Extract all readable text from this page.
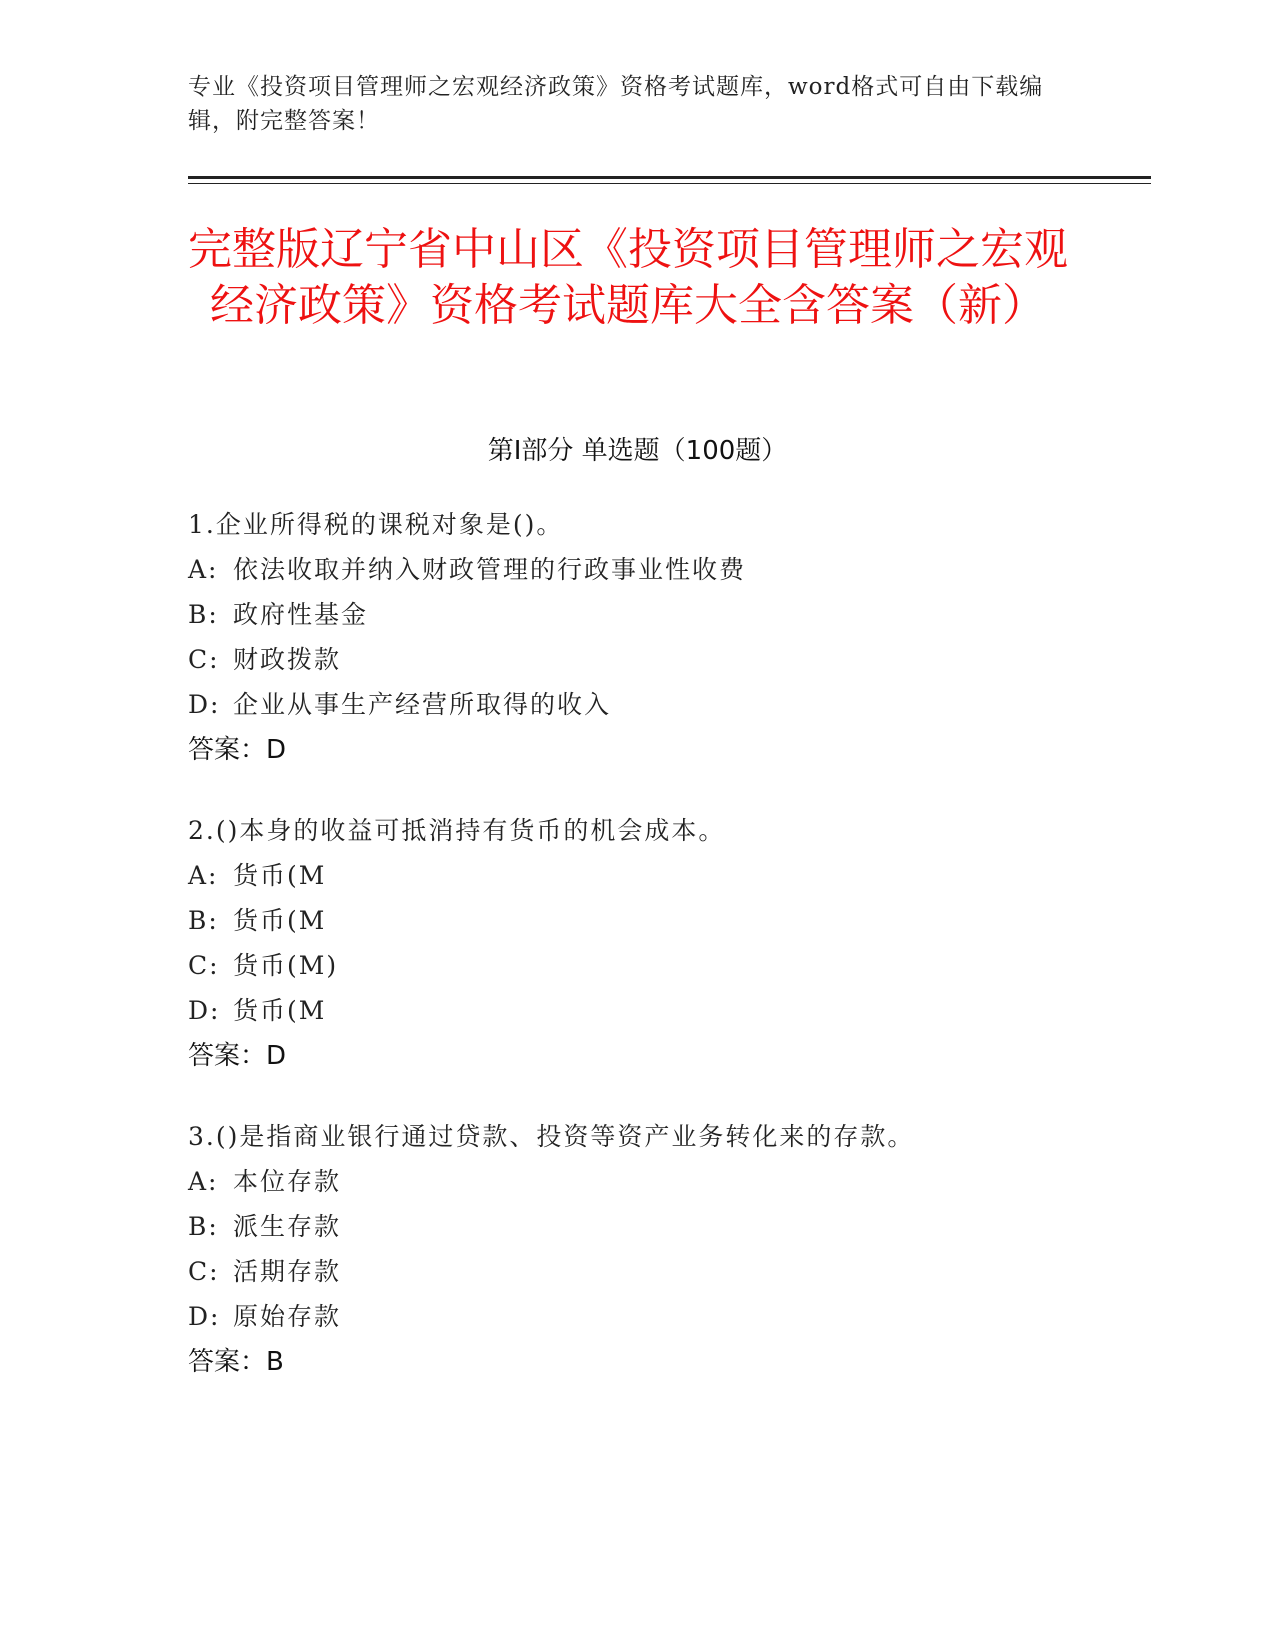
专业《投资项目管理师之宏观经济政策》资格考试题库，word格式可自由下载编辑，附完整答案！
完整版辽宁省中山区《投资项目管理师之宏观经济政策》资格考试题库大全含答案（新）
第Ⅰ部分 单选题（100题）
1.企业所得税的课税对象是()。
A: 依法收取并纳入财政管理的行政事业性收费
B: 政府性基金
C: 财政拨款
D: 企业从事生产经营所取得的收入
答案：D
2.()本身的收益可抵消持有货币的机会成本。
A: 货币(M
B: 货币(M
C: 货币(M)
D: 货币(M
答案：D
3.()是指商业银行通过贷款、投资等资产业务转化来的存款。
A: 本位存款
B: 派生存款
C: 活期存款
D: 原始存款
答案：B
